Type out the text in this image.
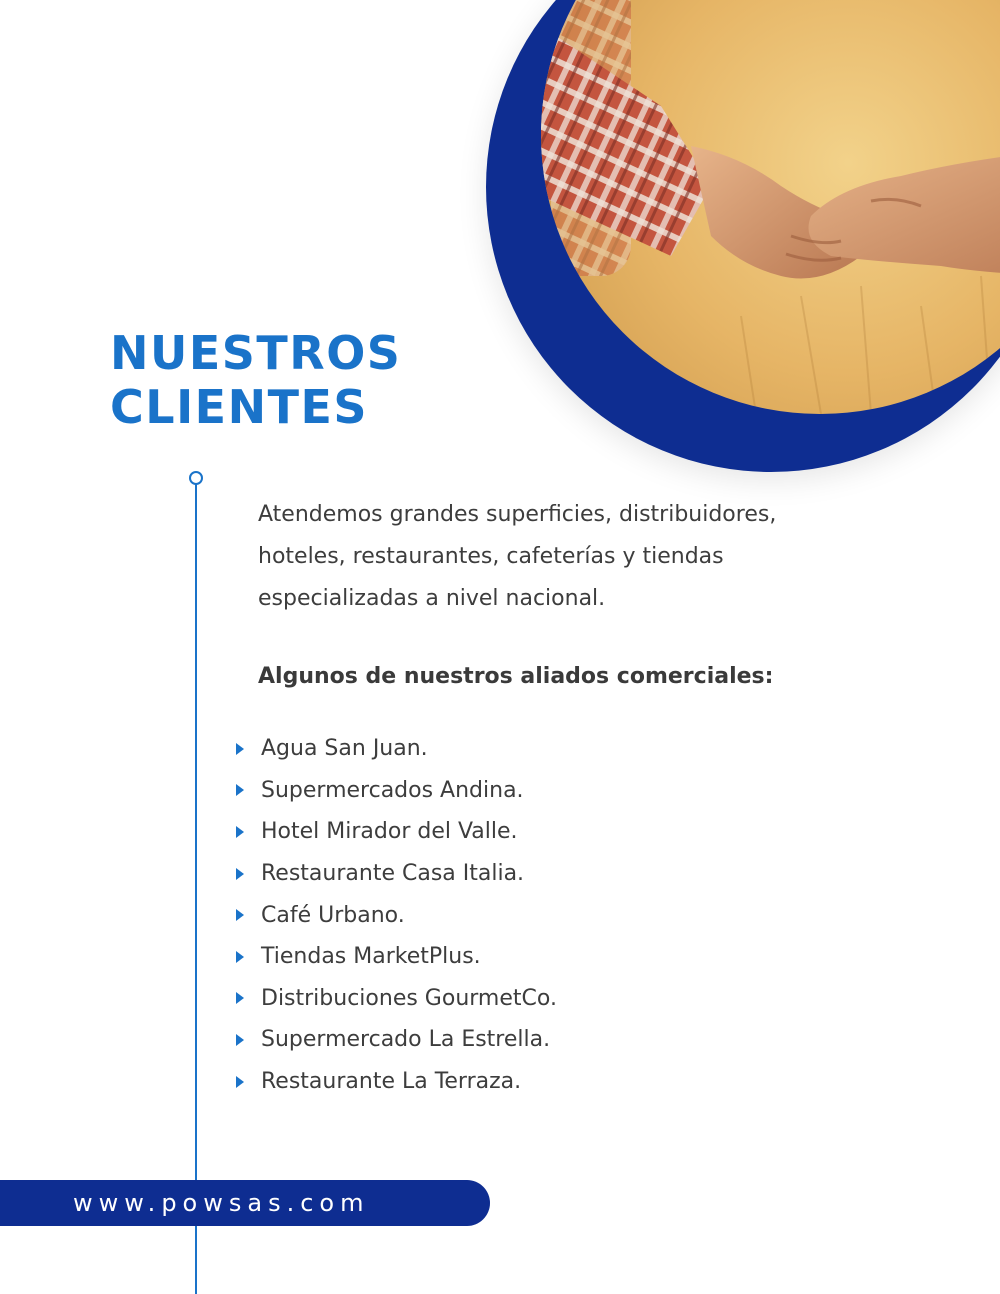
NUESTROS
CLIENTES

Atendemos grandes superficies, distribuidores, hoteles, restaurantes, cafeterías y tiendas especializadas a nivel nacional.

Algunos de nuestros aliados comerciales:

Agua San Juan.
Supermercados Andina.
Hotel Mirador del Valle.
Restaurante Casa Italia.
Café Urbano.
Tiendas MarketPlus.
Distribuciones GourmetCo.
Supermercado La Estrella.
Restaurante La Terraza.
www.powsas.com
